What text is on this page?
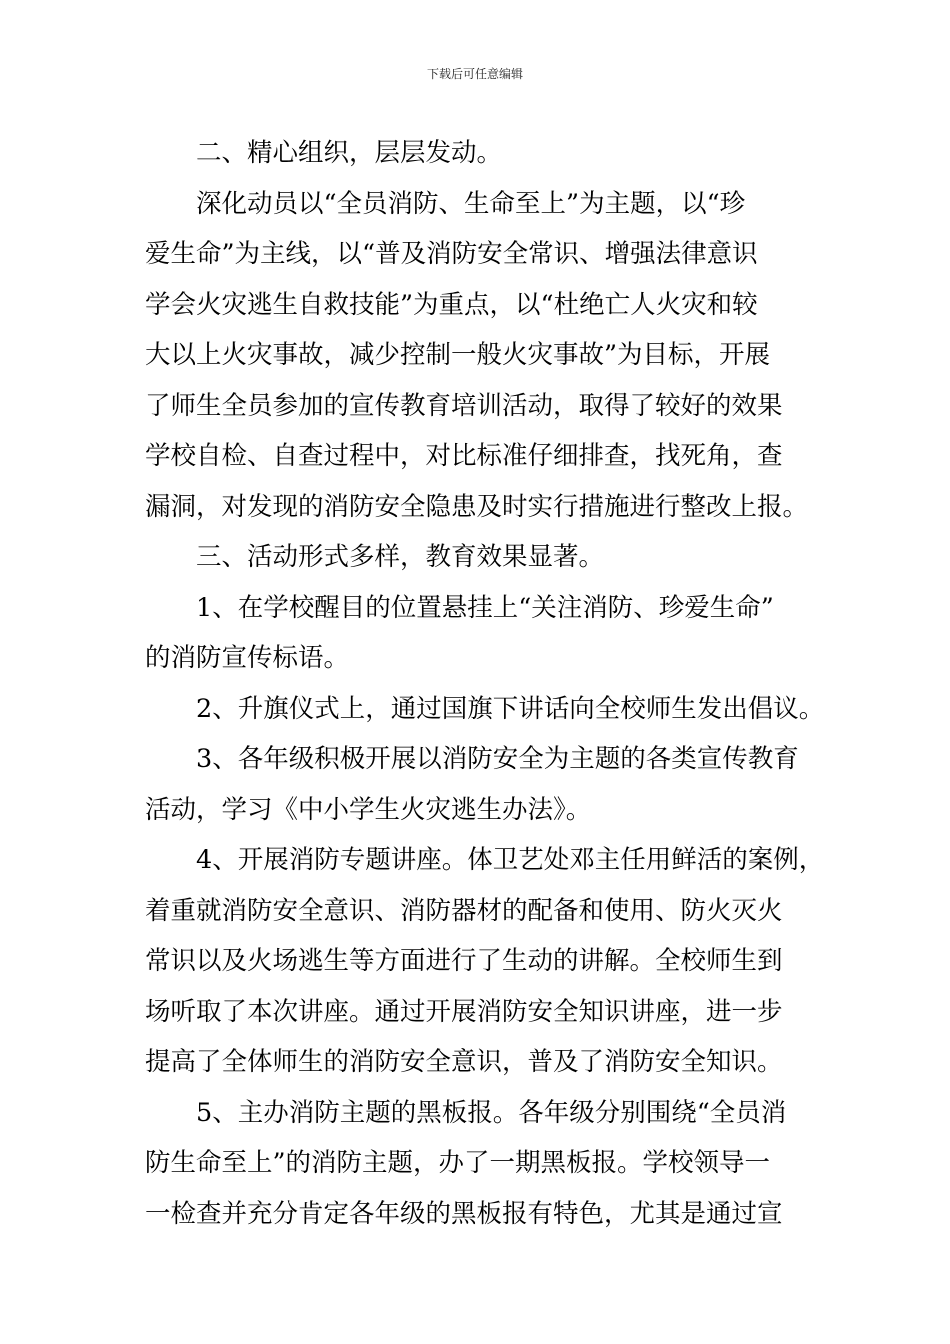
下载后可任意编辑
二、精心组织，层层发动。
深化动员以“全员消防、生命至上”为主题，以“珍
爱生命”为主线，以“普及消防安全常识、增强法律意识
学会火灾逃生自救技能”为重点，以“杜绝亡人火灾和较
大以上火灾事故，减少控制一般火灾事故”为目标，开展
了师生全员参加的宣传教育培训活动，取得了较好的效果
学校自检、自查过程中，对比标准仔细排查，找死角，查
漏洞，对发现的消防安全隐患及时实行措施进行整改上报。
三、活动形式多样，教育效果显著。
1、在学校醒目的位置悬挂上“关注消防、珍爱生命”
的消防宣传标语。
2、升旗仪式上，通过国旗下讲话向全校师生发出倡议。
3、各年级积极开展以消防安全为主题的各类宣传教育
活动，学习《中小学生火灾逃生办法》。
4、开展消防专题讲座。体卫艺处邓主任用鲜活的案例，
着重就消防安全意识、消防器材的配备和使用、防火灭火
常识以及火场逃生等方面进行了生动的讲解。全校师生到
场听取了本次讲座。通过开展消防安全知识讲座，进一步
提高了全体师生的消防安全意识，普及了消防安全知识。
5、主办消防主题的黑板报。各年级分别围绕“全员消
防生命至上”的消防主题，办了一期黑板报。学校领导一
一检查并充分肯定各年级的黑板报有特色，尤其是通过宣
